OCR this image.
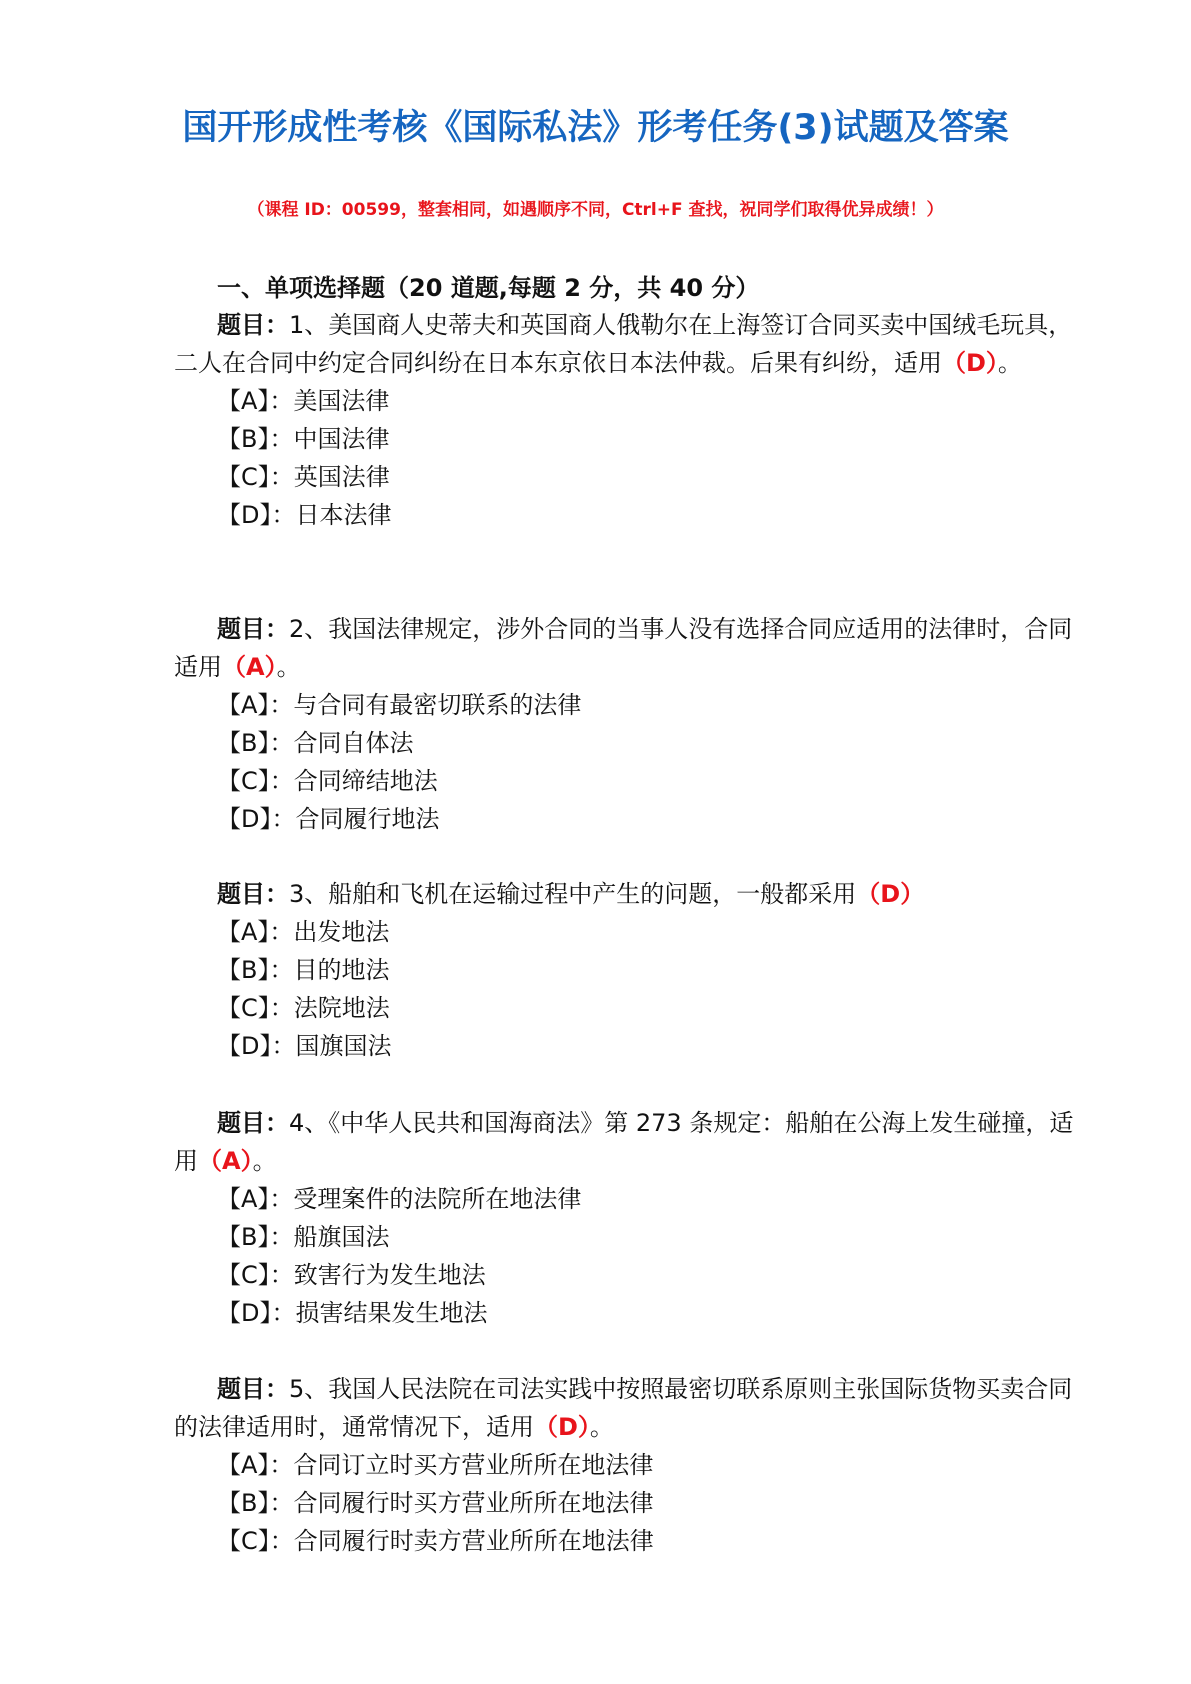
国开形成性考核《国际私法》形考任务(3)试题及答案
（课程 ID：00599，整套相同，如遇顺序不同，Ctrl+F 查找，祝同学们取得优异成绩！）
一、单项选择题（20 道题,每题 2 分，共 40 分）
题目：1、美国商人史蒂夫和英国商人俄勒尔在上海签订合同买卖中国绒毛玩具，二人在合同中约定合同纠纷在日本东京依日本法仲裁。后果有纠纷，适用（D）。
【A】：美国法律
【B】：中国法律
【C】：英国法律
【D】：日本法律
题目：2、我国法律规定，涉外合同的当事人没有选择合同应适用的法律时，合同适用（A）。
【A】：与合同有最密切联系的法律
【B】：合同自体法
【C】：合同缔结地法
【D】：合同履行地法
题目：3、船舶和飞机在运输过程中产生的问题，一般都采用（D）
【A】：出发地法
【B】：目的地法
【C】：法院地法
【D】：国旗国法
题目：4、《中华人民共和国海商法》第 273 条规定：船舶在公海上发生碰撞，适用（A）。
【A】：受理案件的法院所在地法律
【B】：船旗国法
【C】：致害行为发生地法
【D】：损害结果发生地法
题目：5、我国人民法院在司法实践中按照最密切联系原则主张国际货物买卖合同的法律适用时，通常情况下，适用（D）。
【A】：合同订立时买方营业所所在地法律
【B】：合同履行时买方营业所所在地法律
【C】：合同履行时卖方营业所所在地法律
